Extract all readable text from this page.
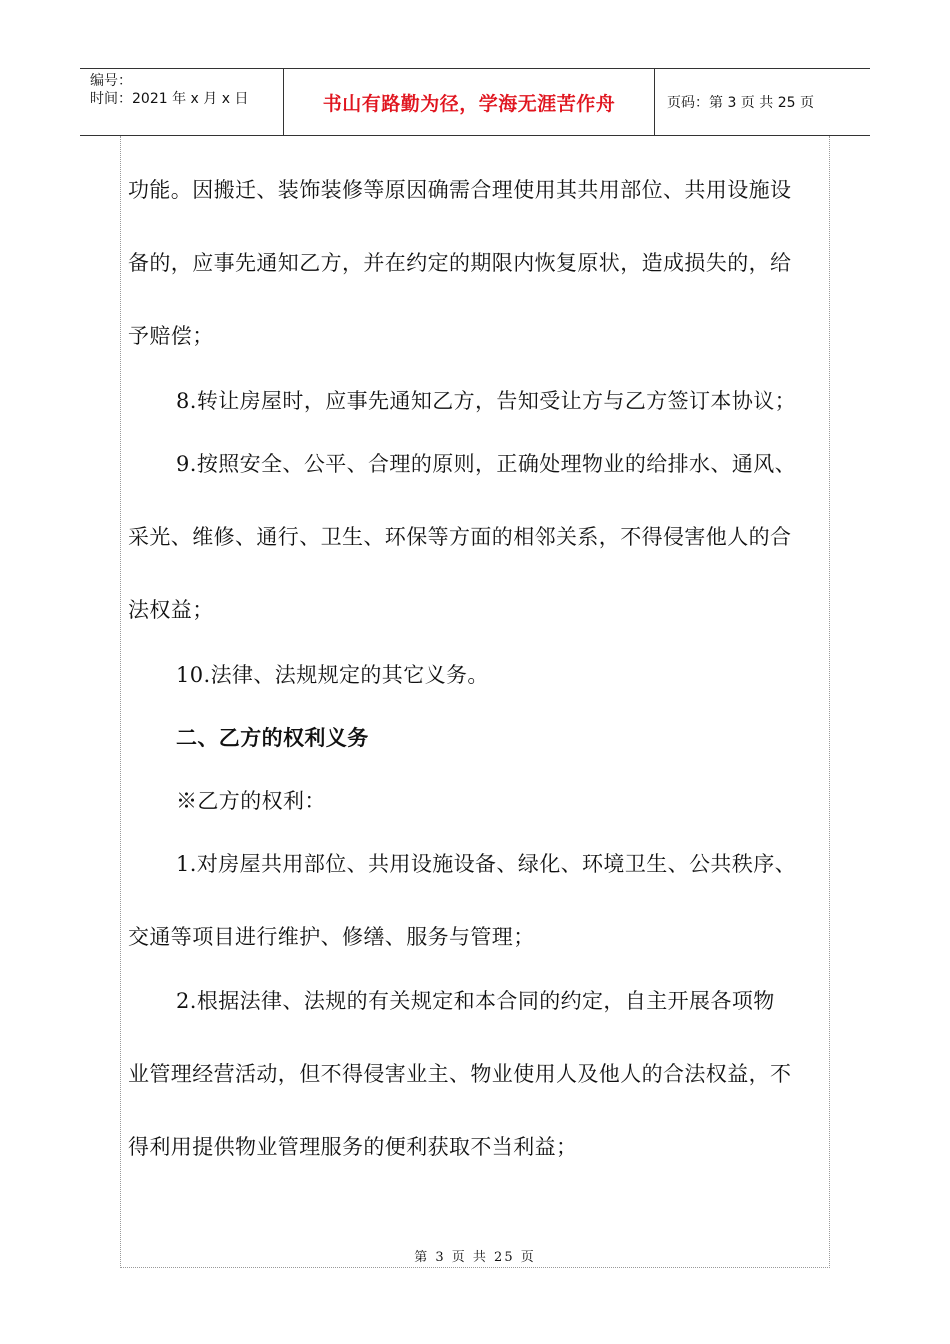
编号：
时间：2021 年 x 月 x 日	书山有路勤为径，学海无涯苦作舟	页码：第 3 页 共 25 页
功能。因搬迁、装饰装修等原因确需合理使用其共用部位、共用设施设
备的，应事先通知乙方，并在约定的期限内恢复原状，造成损失的，给
予赔偿；
8.转让房屋时，应事先通知乙方，告知受让方与乙方签订本协议；
9.按照安全、公平、合理的原则，正确处理物业的给排水、通风、
采光、维修、通行、卫生、环保等方面的相邻关系，不得侵害他人的合
法权益；
10.法律、法规规定的其它义务。
二、乙方的权利义务
※乙方的权利：
1.对房屋共用部位、共用设施设备、绿化、环境卫生、公共秩序、
交通等项目进行维护、修缮、服务与管理；
2.根据法律、法规的有关规定和本合同的约定，自主开展各项物
业管理经营活动，但不得侵害业主、物业使用人及他人的合法权益，不
得利用提供物业管理服务的便利获取不当利益；
第 3 页 共 25 页
